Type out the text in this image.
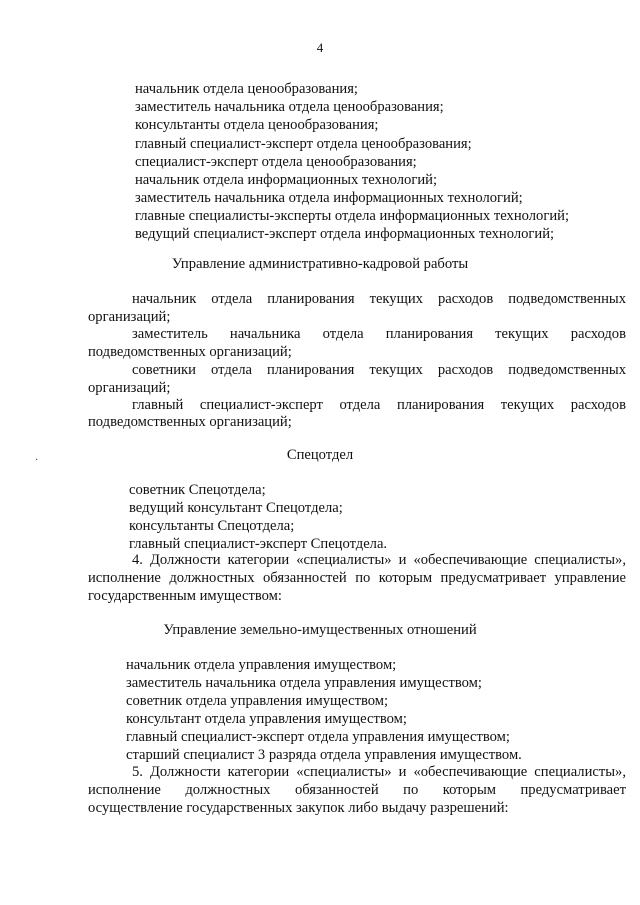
4
начальник отдела ценообразования;
заместитель начальника отдела ценообразования;
консультанты отдела ценообразования;
главный специалист-эксперт отдела ценообразования;
специалист-эксперт отдела ценообразования;
начальник отдела информационных технологий;
заместитель начальника отдела информационных технологий;
главные специалисты-эксперты отдела информационных технологий;
ведущий специалист-эксперт отдела информационных технологий;
Управление административно-кадровой работы
начальник отдела планирования текущих расходов подведомственных
организаций;
заместитель начальника отдела планирования текущих расходов
подведомственных организаций;
советники отдела планирования текущих расходов подведомственных
организаций;
главный специалист-эксперт отдела планирования текущих расходов
подведомственных организаций;
Спецотдел
·
советник Спецотдела;
ведущий консультант Спецотдела;
консультанты Спецотдела;
главный специалист-эксперт Спецотдела.
4. Должности категории «специалисты» и «обеспечивающие специалисты»,
исполнение должностных обязанностей по которым предусматривает управление
государственным имуществом:
Управление земельно-имущественных отношений
начальник отдела управления имуществом;
заместитель начальника отдела управления имуществом;
советник отдела управления имуществом;
консультант отдела управления имуществом;
главный специалист-эксперт отдела управления имуществом;
старший специалист 3 разряда отдела управления имуществом.
5. Должности категории «специалисты» и «обеспечивающие специалисты»,
исполнение должностных обязанностей по которым предусматривает
осуществление государственных закупок либо выдачу разрешений:
